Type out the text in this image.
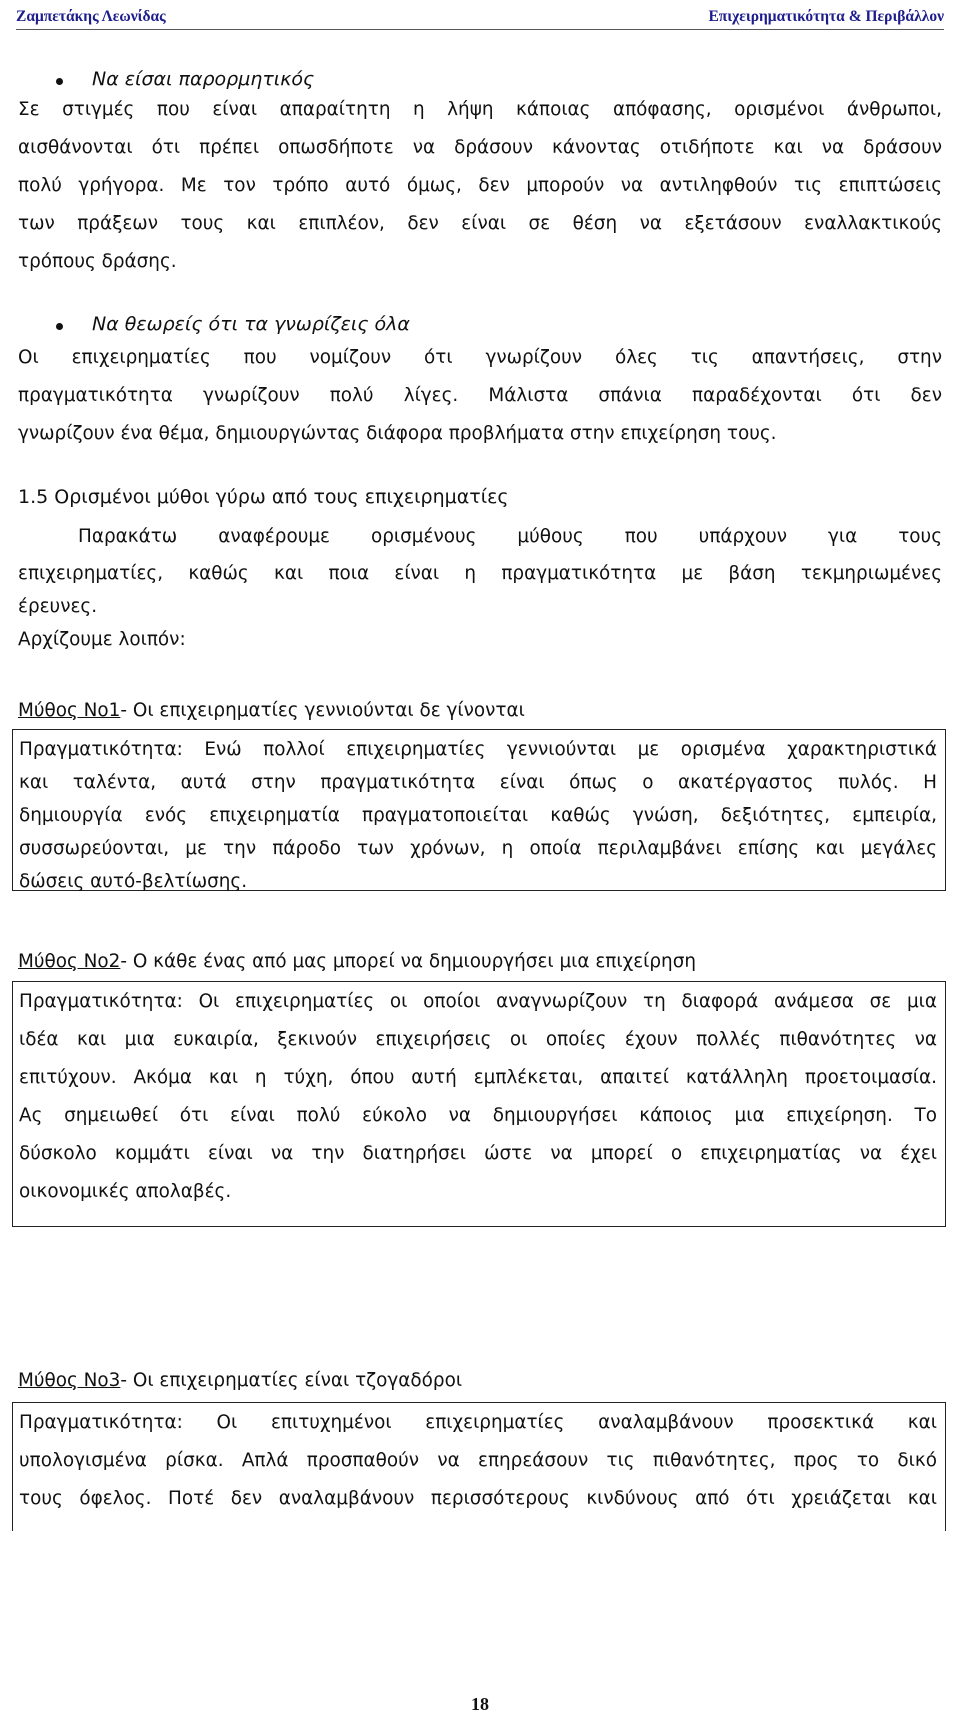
Ζαμπετάκης Λεωνίδας	Επιχειρηματικότητα & Περιβάλλον
Να είσαι παρορμητικός
Σε στιγμές που είναι απαραίτητη η λήψη κάποιας απόφασης, ορισμένοι άνθρωποι,
αισθάνονται ότι πρέπει οπωσδήποτε να δράσουν κάνοντας οτιδήποτε και να δράσουν
πολύ γρήγορα. Με τον τρόπο αυτό όμως, δεν μπορούν να αντιληφθούν τις επιπτώσεις
των πράξεων τους και επιπλέον, δεν είναι σε θέση να εξετάσουν εναλλακτικούς
τρόπους δράσης.
Να θεωρείς ότι τα γνωρίζεις όλα
Οι επιχειρηματίες που νομίζουν ότι γνωρίζουν όλες τις απαντήσεις, στην
πραγματικότητα γνωρίζουν πολύ λίγες. Μάλιστα σπάνια παραδέχονται ότι δεν
γνωρίζουν ένα θέμα, δημιουργώντας διάφορα προβλήματα στην επιχείρηση τους.
1.5 Ορισμένοι μύθοι γύρω από τους επιχειρηματίες
Παρακάτω αναφέρουμε ορισμένους μύθους που υπάρχουν για τους
επιχειρηματίες, καθώς και ποια είναι η πραγματικότητα με βάση τεκμηριωμένες
έρευνες.
Αρχίζουμε λοιπόν:
Μύθος Νο1- Οι επιχειρηματίες γεννιούνται δε γίνονται
Πραγματικότητα: Ενώ πολλοί επιχειρηματίες γεννιούνται με ορισμένα χαρακτηριστικά
και ταλέντα, αυτά στην πραγματικότητα είναι όπως ο ακατέργαστος πυλός. Η
δημιουργία ενός επιχειρηματία πραγματοποιείται καθώς γνώση, δεξιότητες, εμπειρία,
συσσωρεύονται, με την πάροδο των χρόνων, η οποία περιλαμβάνει επίσης και μεγάλες
δώσεις αυτό-βελτίωσης.
Μύθος Νο2- Ο κάθε ένας από μας μπορεί να δημιουργήσει μια επιχείρηση
Πραγματικότητα: Οι επιχειρηματίες οι οποίοι αναγνωρίζουν τη διαφορά ανάμεσα σε μια
ιδέα και μια ευκαιρία, ξεκινούν επιχειρήσεις οι οποίες έχουν πολλές πιθανότητες να
επιτύχουν. Ακόμα και η τύχη, όπου αυτή εμπλέκεται, απαιτεί κατάλληλη προετοιμασία.
Ας σημειωθεί ότι είναι πολύ εύκολο να δημιουργήσει κάποιος μια επιχείρηση. Το
δύσκολο κομμάτι είναι να την διατηρήσει ώστε να μπορεί ο επιχειρηματίας να έχει
οικονομικές απολαβές.
Μύθος Νο3- Οι επιχειρηματίες είναι τζογαδόροι
Πραγματικότητα: Οι επιτυχημένοι επιχειρηματίες αναλαμβάνουν προσεκτικά και
υπολογισμένα ρίσκα. Απλά προσπαθούν να επηρεάσουν τις πιθανότητες, προς το δικό
τους όφελος. Ποτέ δεν αναλαμβάνουν περισσότερους κινδύνους από ότι χρειάζεται και
18
